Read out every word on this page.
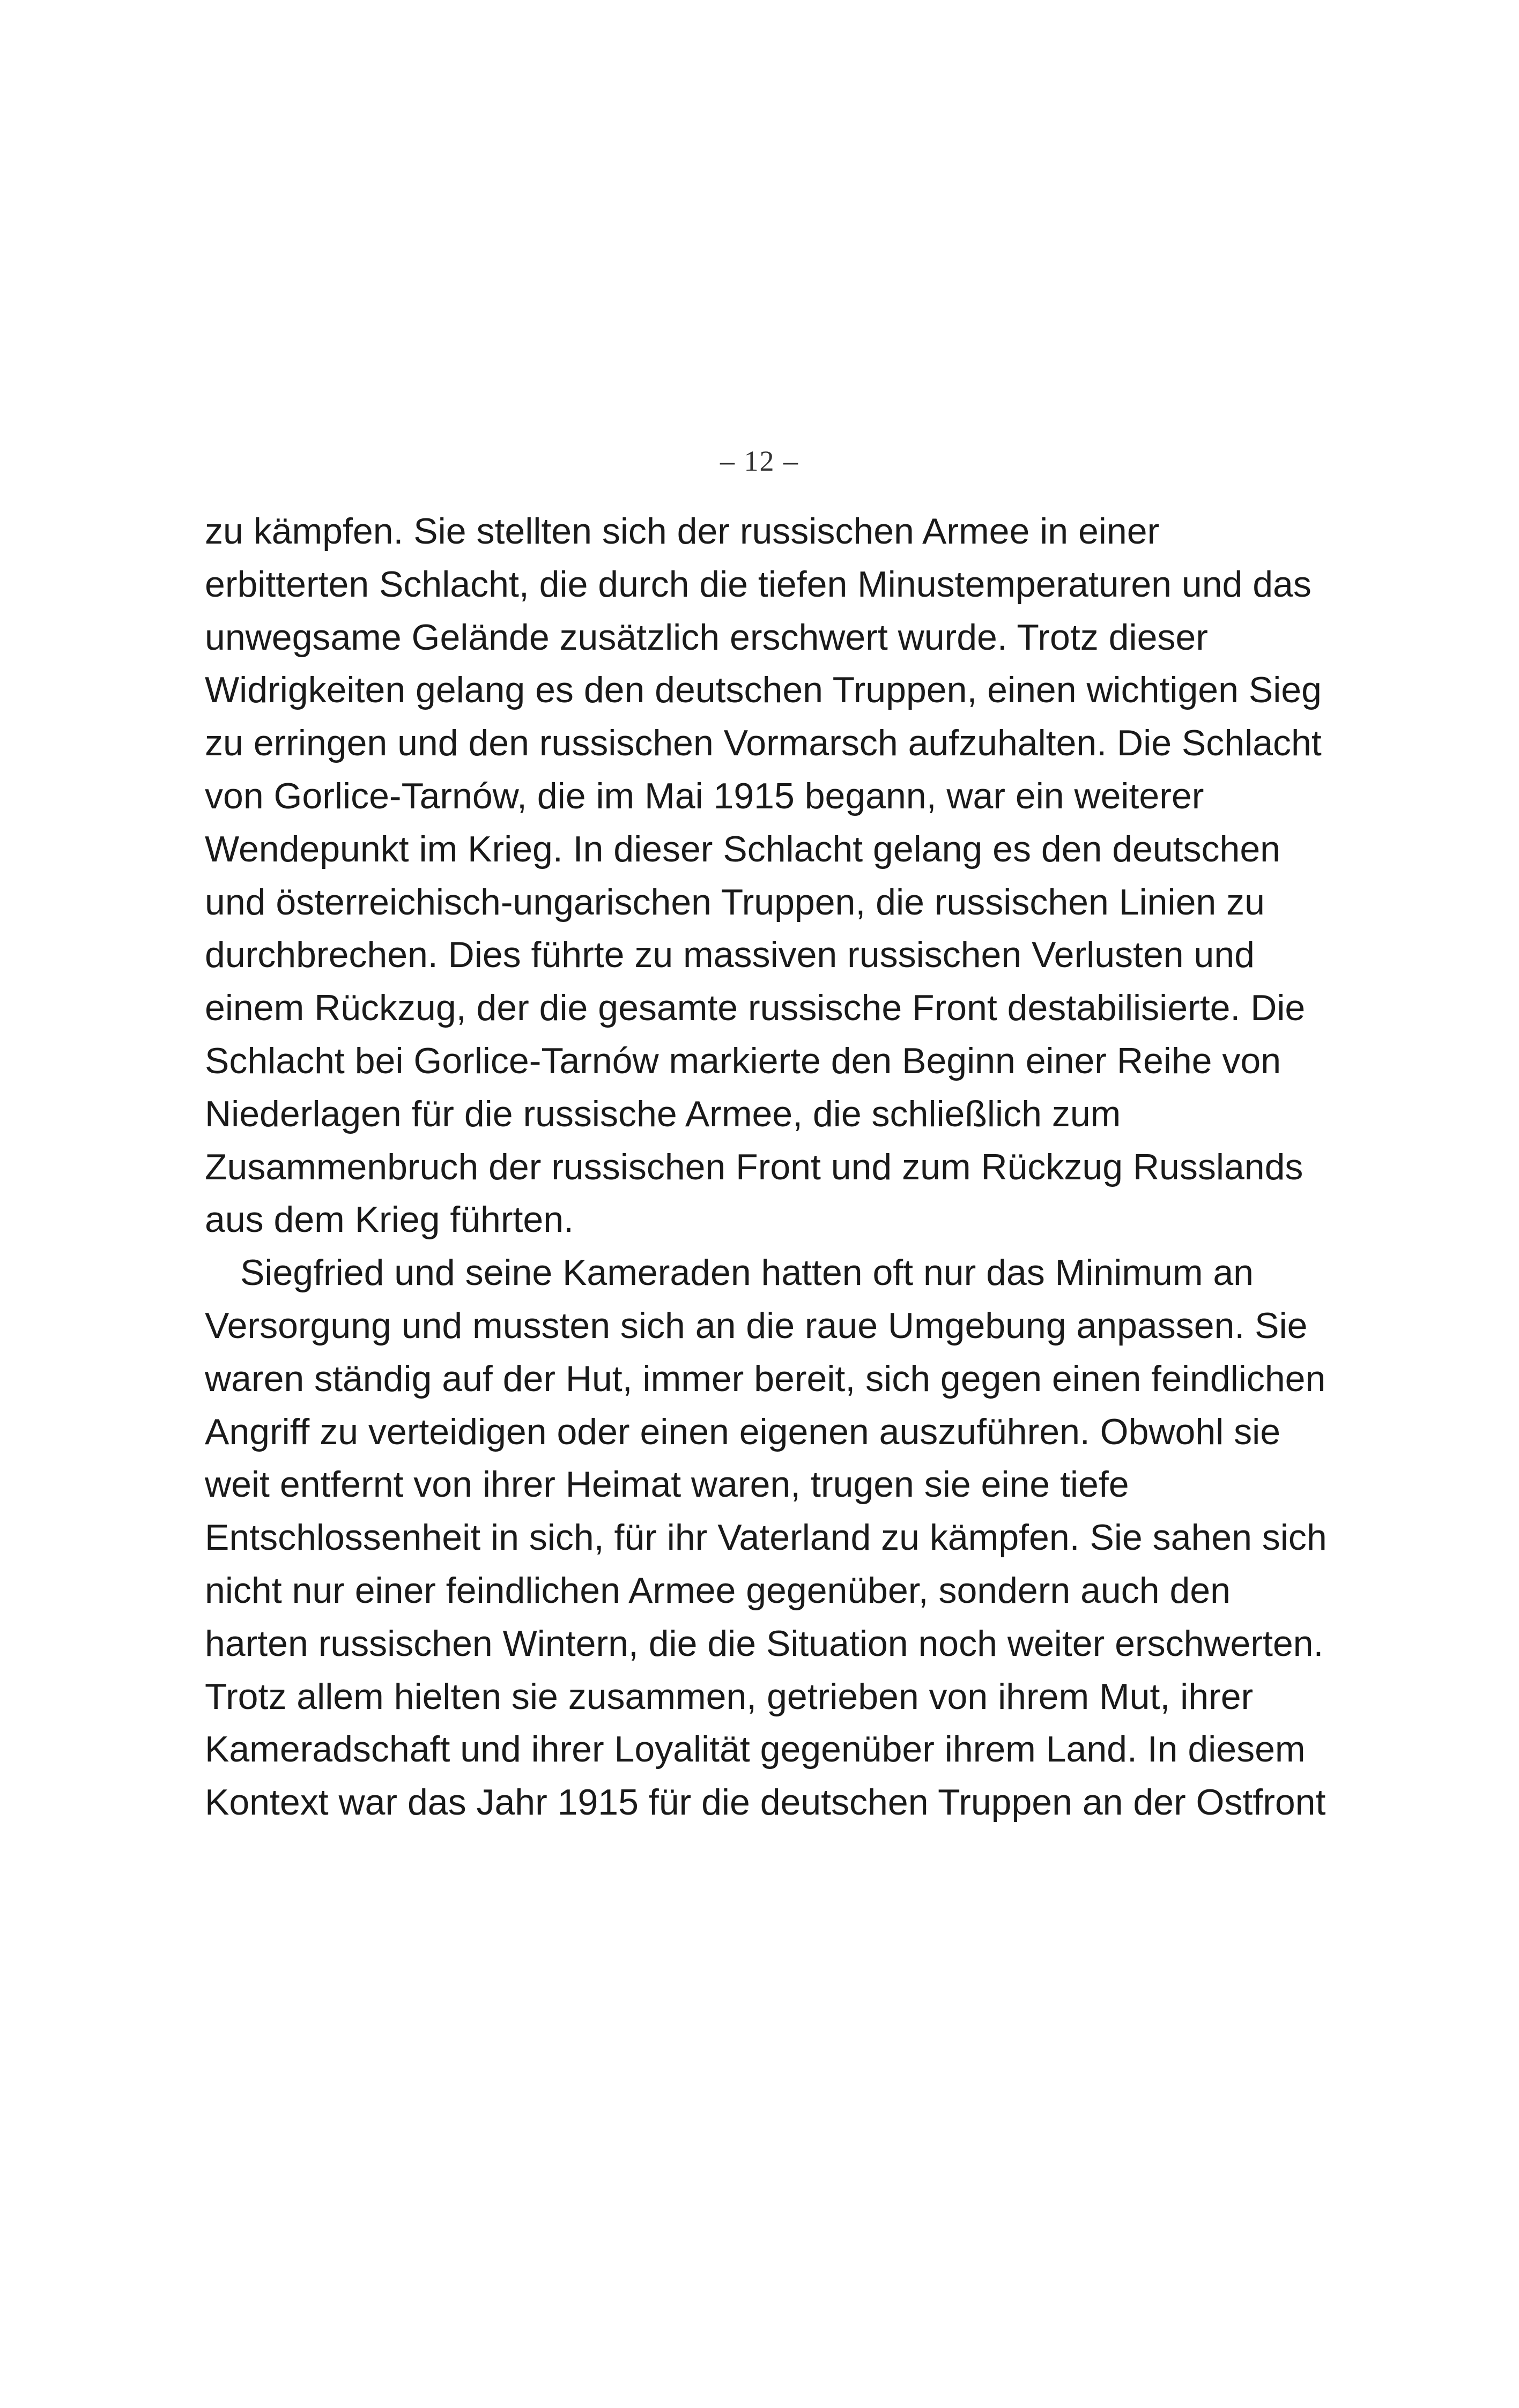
– 12 –
zu kämpfen. Sie stellten sich der russischen Armee in einer
erbitterten Schlacht, die durch die tiefen Minustemperaturen und das
unwegsame Gelände zusätzlich erschwert wurde. Trotz dieser
Widrigkeiten gelang es den deutschen Truppen, einen wichtigen Sieg
zu erringen und den russischen Vormarsch aufzuhalten. Die Schlacht
von Gorlice-Tarnów, die im Mai 1915 begann, war ein weiterer
Wendepunkt im Krieg. In dieser Schlacht gelang es den deutschen
und österreichisch-ungarischen Truppen, die russischen Linien zu
durchbrechen. Dies führte zu massiven russischen Verlusten und
einem Rückzug, der die gesamte russische Front destabilisierte. Die
Schlacht bei Gorlice-Tarnów markierte den Beginn einer Reihe von
Niederlagen für die russische Armee, die schließlich zum
Zusammenbruch der russischen Front und zum Rückzug Russlands
aus dem Krieg führten.
Siegfried und seine Kameraden hatten oft nur das Minimum an
Versorgung und mussten sich an die raue Umgebung anpassen. Sie
waren ständig auf der Hut, immer bereit, sich gegen einen feindlichen
Angriff zu verteidigen oder einen eigenen auszuführen. Obwohl sie
weit entfernt von ihrer Heimat waren, trugen sie eine tiefe
Entschlossenheit in sich, für ihr Vaterland zu kämpfen. Sie sahen sich
nicht nur einer feindlichen Armee gegenüber, sondern auch den
harten russischen Wintern, die die Situation noch weiter erschwerten.
Trotz allem hielten sie zusammen, getrieben von ihrem Mut, ihrer
Kameradschaft und ihrer Loyalität gegenüber ihrem Land. In diesem
Kontext war das Jahr 1915 für die deutschen Truppen an der Ostfront
